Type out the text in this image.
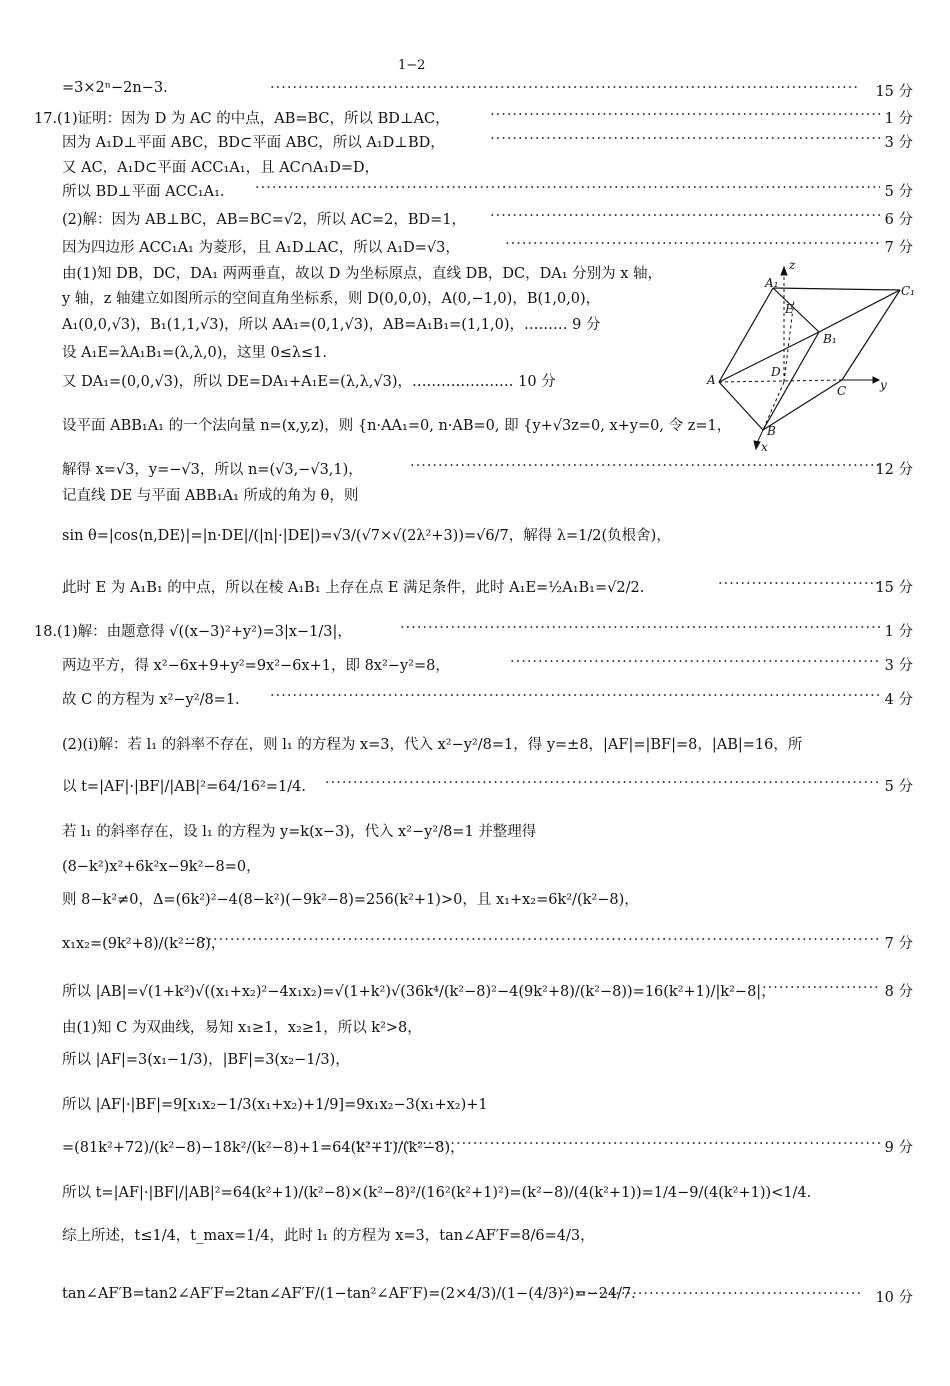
1−2
=3×2ⁿ−2n−3. ·····	15 分
17.(1)证明：因为 D 为 AC 的中点，AB=BC，所以 BD⊥AC， ·····	1 分
因为 A₁D⊥平面 ABC，BD⊂平面 ABC，所以 A₁D⊥BD， ·····	3 分
又 AC，A₁D⊂平面 ACC₁A₁，且 AC∩A₁D=D，
所以 BD⊥平面 ACC₁A₁. ·····	5 分
(2)解：因为 AB⊥BC，AB=BC=√2，所以 AC=2，BD=1， ·····	6 分
因为四边形 ACC₁A₁ 为菱形，且 A₁D⊥AC，所以 A₁D=√3， ·····	7 分
由(1)知 DB，DC，DA₁ 两两垂直，故以 D 为坐标原点，直线 DB，DC，DA₁ 分别为 x 轴，
y 轴，z 轴建立如图所示的空间直角坐标系，则 D(0,0,0)，A(0,−1,0)，B(1,0,0)，
A₁(0,0,√3)，B₁(1,1,√3)，所以 AA₁=(0,1,√3)，AB=A₁B₁=(1,1,0)，……… 9 分
设 A₁E=λA₁B₁=(λ,λ,0)，这里 0≤λ≤1.
又 DA₁=(0,0,√3)，所以 DE=DA₁+A₁E=(λ,λ,√3)，………………… 10 分
设平面 ABB₁A₁ 的一个法向量 n=(x,y,z)，则 {n·AA₁=0, n·AB=0, 即 {y+√3z=0, x+y=0, 令 z=1，
解得 x=√3，y=−√3，所以 n=(√3,−√3,1)， ·····	12 分
记直线 DE 与平面 ABB₁A₁ 所成的角为 θ，则
sin θ=|cos⟨n,DE⟩|=|n·DE|/(|n|·|DE|)=√3/(√7×√(2λ²+3))=√6/7，解得 λ=1/2(负根舍)，
此时 E 为 A₁B₁ 的中点，所以在棱 A₁B₁ 上存在点 E 满足条件，此时 A₁E=½A₁B₁=√2/2. ·····	15 分
18.(1)解：由题意得 √((x−3)²+y²)=3|x−1/3|， ·····	1 分
两边平方，得 x²−6x+9+y²=9x²−6x+1，即 8x²−y²=8， ·····	3 分
故 C 的方程为 x²−y²/8=1. ·····	4 分
(2)(i)解：若 l₁ 的斜率不存在，则 l₁ 的方程为 x=3，代入 x²−y²/8=1，得 y=±8，|AF|=|BF|=8，|AB|=16，所
以 t=|AF|·|BF|/|AB|²=64/16²=1/4. ·····	5 分
若 l₁ 的斜率存在，设 l₁ 的方程为 y=k(x−3)，代入 x²−y²/8=1 并整理得
(8−k²)x²+6k²x−9k²−8=0，
则 8−k²≠0，Δ=(6k²)²−4(8−k²)(−9k²−8)=256(k²+1)>0，且 x₁+x₂=6k²/(k²−8)，
x₁x₂=(9k²+8)/(k²−8)， ·····	7 分
所以 |AB|=√(1+k²)√((x₁+x₂)²−4x₁x₂)=√(1+k²)√(36k⁴/(k²−8)²−4(9k²+8)/(k²−8))=16(k²+1)/|k²−8|， ·····	8 分
由(1)知 C 为双曲线，易知 x₁≥1，x₂≥1，所以 k²>8，
所以 |AF|=3(x₁−1/3)，|BF|=3(x₂−1/3)，
所以 |AF|·|BF|=9[x₁x₂−1/3(x₁+x₂)+1/9]=9x₁x₂−3(x₁+x₂)+1
=(81k²+72)/(k²−8)−18k²/(k²−8)+1=64(k²+1)/(k²−8)， ·····	9 分
所以 t=|AF|·|BF|/|AB|²=64(k²+1)/(k²−8)×(k²−8)²/(16²(k²+1)²)=(k²−8)/(4(k²+1))=1/4−9/(4(k²+1))<1/4.
综上所述，t≤1/4，t_max=1/4，此时 l₁ 的方程为 x=3，tan∠AF′F=8/6=4/3，
tan∠AF′B=tan2∠AF′F=2tan∠AF′F/(1−tan²∠AF′F)=(2×4/3)/(1−(4/3)²)=−24/7. ·····	10 分
A₁
z
E
C₁
B₁
A
D
C	y
B
x
